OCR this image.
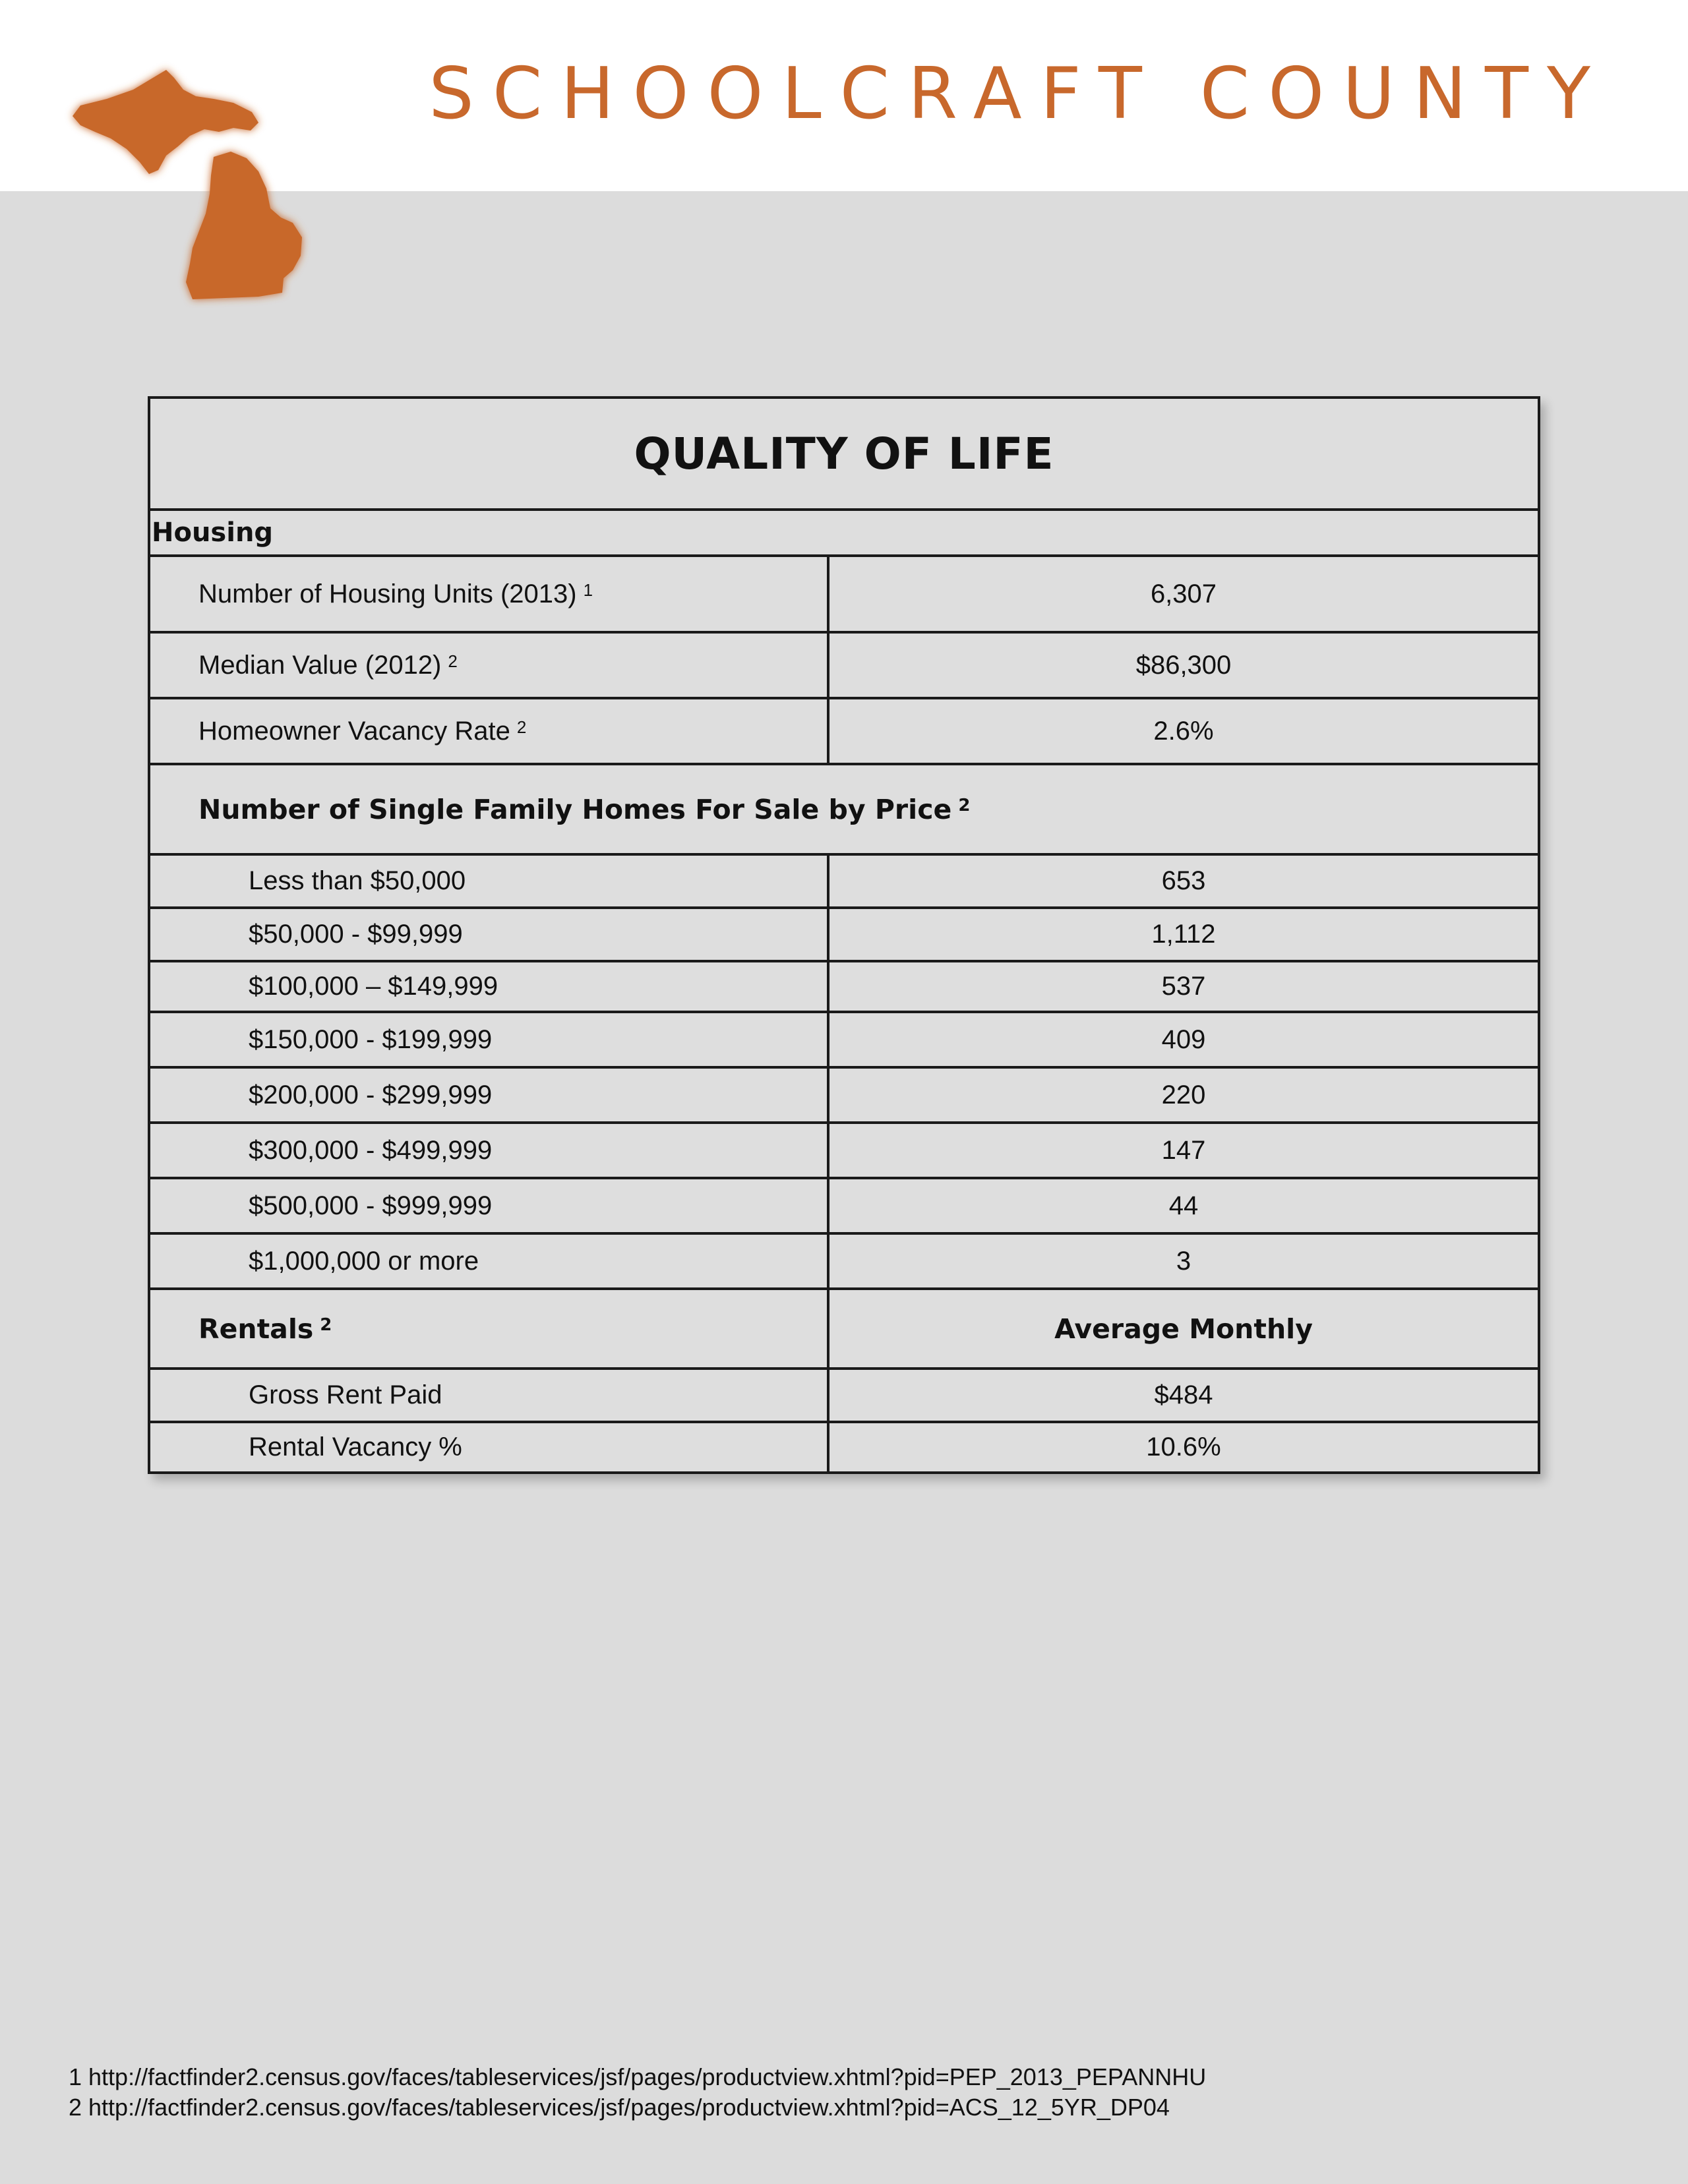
SCHOOLCRAFT COUNTY
QUALITY OF LIFE
Housing
Number of Housing Units (2013) $^1$	6,307
Median Value (2012) $^2$	$86,300
Homeowner Vacancy Rate $^2$	2.6%
Number of Single Family Homes For Sale by Price $^2$
Less than $50,000	653
$50,000 - $99,999	1,112
$100,000 – $149,999	537
$150,000 - $199,999	409
$200,000 - $299,999	220
$300,000 - $499,999	147
$500,000 - $999,999	44
$1,000,000 or more	3
Rentals $^2$	Average Monthly
Gross Rent Paid	$484
Rental Vacancy %	10.6%
1 http://factfinder2.census.gov/faces/tableservices/jsf/pages/productview.xhtml?pid=PEP_2013_PEPANNHU
2 http://factfinder2.census.gov/faces/tableservices/jsf/pages/productview.xhtml?pid=ACS_12_5YR_DP04
